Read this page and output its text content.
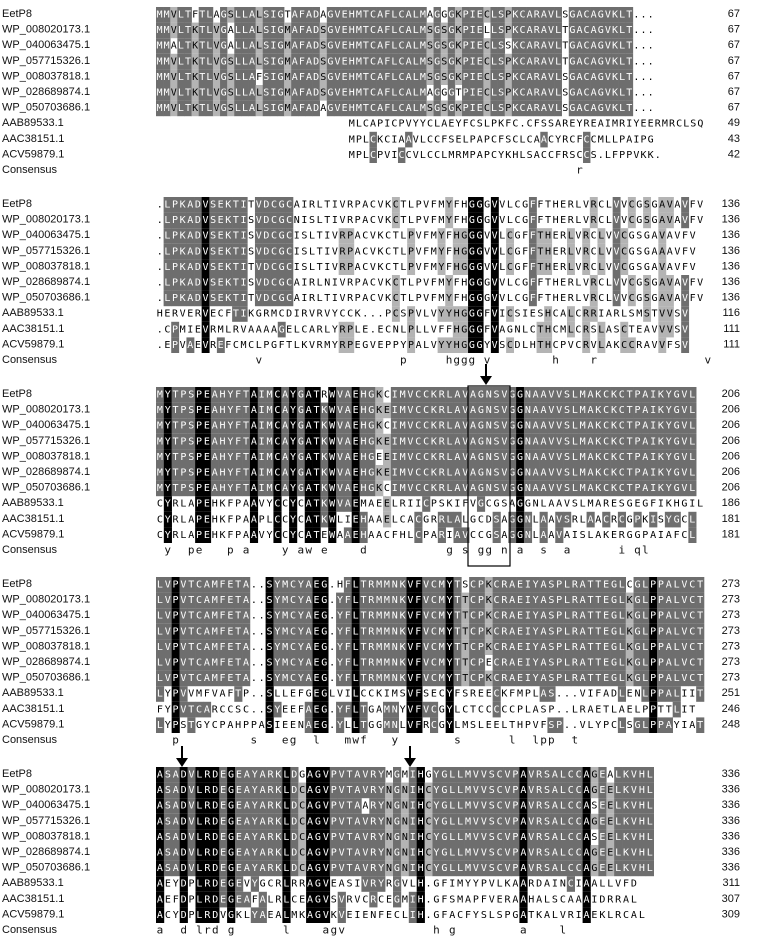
EetP8	M M V L T F T L A G S L L A L S I G T A F A D A G V E H M T C A F L C A L M A G G G K P I E C L S P K C A R A V L S G A C A G V K L T . . .	67
WP_008020173.1	M M V L T K T L V G A L L A L S I G M A F A D S G V E H M T C A F L C A L M S G S G K P I E L L S P K C A R A V L T G A C A G V K L T . . .	67
WP_040063475.1	M M A L T K T L V G A L L A L S I G M A F A D S G V E H M T C A F L C A L M S G S G K P I E C L S S K C A R A V L T G A C A G V K L T . . .	67
WP_057715326.1	M M V L T K T L V G S L L A L S I G M A F A D S G V E H M T C A F L C A L M S G S G K P I E C L S P K C A R A V L T G A C A G V K L T . . .	67
WP_008037818.1	M M V L T K T L V G S L L A F S I G M A F A D S G V E H M T C A F L C A L M S G S G K P I E C L S P K C A R A V L S G A C A G V K L T . . .	67
WP_028689874.1	M M V L T K T L V G S L L A L S I G M A F A D S G V E H M T C A F L C A L M A G G G T P I E C L S P K C A R A V L S G A C A G V K L T . . .	67
WP_050703686.1	M M V L T K T L V G S L L A L S I G M A F A D A G V E H M T C A F L C A L M S G S G K P I E C L S P K C A R A V L S G A C A G V K L T . . .	67
AAB89533.1	M L C A P I C P V Y Y C L A E Y F C S L P K F C . C F S S A R E Y R E A I M R I Y E E R M R C L S Q 49
AAC38151.1	M P L C K C I A A V L C C F S E L P A P C F S C L C A A C Y R C F C C M L L P A I P G	43
ACV59879.1	M P L C P V I C C V L C C L M R M P A P C Y K H L S A C C F R S C C S . L F P P V K K .	42
Consensus	r
EetP8	. L P K A D V S E K T I T V D C G C A I R L T I V R P A C V K C T L P V F M Y F H G G G V V L C G F F T H E R L V R C L V V C G S G A V A V F V 136
WP_008020173.1	. L P K A D V S E K T I S V D C G C N I S L T I V R P A C V K C T L P V F M Y F H G G G V V L C G F F T H E R L V R C L V V C G S G A V A V F V 136
WP_040063475.1	. L P K A D V S E K T I S V D C G C I S L T I V R P A C V K C T L P V F M Y F H G G G V V L C G F F T H E R L V R C L V V C G S G A V A V F V 136
WP_057715326.1	. L P K A D V S E K T I S V D C G C I S L T I V R P A C V K C T L P V F M Y F H G G G V V L C G F F T H E R L V R C L V V C G S G A A A V F V 136
WP_008037818.1	. L P K A D V S E K T I T V D C G C I S L T I V R P A C V K C T L P V F M Y F H G G G V V L C G F F T H E R L V R C L V V C G S G A V A V F V 136
WP_028689874.1	. L P K A D V S E K T I S V D C G C A I R L N I V R P A C V K C T L P V F M Y F H G G G V V L C G F F T H E R L V R C L V V C G S G A V A V F V 136
WP_050703686.1	. L P K A D V S E K T I T V D C G C A I R L T I V R P A C V K C T L P V F M Y F H G G G V V L C G F F T H E R L V R C L V V C G S G A V A V F V 136
AAB89533.1	H E R V E R V E C F T I K G R M C D I R V R V Y C C K . . . P C S P V L V Y Y H G G G F V I C S I E S H C A L C R R I A R L S M S T V V S V	116
AAC38151.1	. C P M I E V R M L R V A A A A G E L C A R L Y R P L E . E C N L P L L V F F H G G G F V A G N L C T H C M L C R S L A S C T E A V V V S V	111
ACV59879.1	. E P V A E V R E F C M C L P G F T L K V R M Y R P E G V E P P Y P A L V Y Y H G G G Y V S C D L H T H C P V C R V L A K C C R A V V F S V	111
Consensus	v	p	h g g g v	h	r	v
EetP8	M Y T P S P E A H Y F T A I M C A Y G A T R W V A E H G K C I M V C C K R L A V A G N S V G G N A A V V S L M A K C K C T P A I K Y G V L 206
WP_008020173.1	M Y T P S P E A H Y F T A I M C A Y G A T K W V A E H G K E I M V C C K R L A V A G N S V G G N A A V V S L M A K C K C T P A I K Y G V L 206
WP_040063475.1	M Y T P S P E A H Y F T A I M C A Y G A T K W V A E H G K C I M V C C K R L A V A G N S V G G N A A V V S L M A K C K C T P A I K Y G V L 206
WP_057715326.1	M Y T P S P E A H Y F T A I M C A Y G A T K W V A E H G K E I M V C C K R L A V A G N S V G G N A A V V S L M A K C K C T P A I K Y G V L 206
WP_008037818.1	M Y T P S P E A H Y F T A I M C A Y G A T K W V A E H G E E I M V C C K R L A V A G N S V G G N A A V V S L M A K C K C T P A I K Y G V L 206
WP_028689874.1	M Y T P S P E A H Y F T A I M C A Y G A T K W V A E H G K E I M V C C K R L A V A G N S V G G N A A V V S L M A K C K C T P A I K Y G V L 206
WP_050703686.1	M Y T P S P E A H Y F T A I M C A Y G A T K W V A E H G K C I M V C C K R L A V A G N S V G G N A A V V S L M A K C K C T P A I K Y G V L 206
AAB89533.1	C Y R L A P E H K F P A A V Y C C Y C A T K W V A E M A E E L R I I C P S K I F V G C G S A G G N L A A V S L M A R E S G E G F I K H G I L 186
AAC38151.1	C Y R L A P E H K F P A A P L C C Y C A T K W L I E H A A E L C A C G R R L A L G C D S A G G N L A A V S R L A A C R C G P K I S Y G C L 181
ACV59879.1	C Y R L A P E H K F P A A V Y C C Y C A T E W A A E H A A C F H L C P A R I A V C C G S A G G N L A A V A I S L A K E R G G P A I A F C L 181
Consensus	y p e p a	y a w e	d	g s g g n a s a	i q l
EetP8	L V P V T C A M F E T A . . S Y M C Y A E G . H F L T R M M N K V F V C M Y T S C P K C R A E I Y A S P L R A T T E G L C G L P P A L V C T 273
WP_008020173.1	L V P V T C A M F E T A . . S Y M C Y A E G . Y F L T R M M N K V F V C M Y T T C P K C R A E I Y A S P L R A T T E G L K G L P P A L V C T 273
WP_040063475.1	L V P V T C A M F E T A . . S Y M C Y A E G . Y F L T R M M N K V F V C M Y T T C P K C R A E I Y A S P L R A T T E G L K G L P P A L V C T 273
WP_057715326.1	L V P V T C A M F E T A . . S Y M C Y A E G . Y F L T R M M N K V F V C M Y T T C P K C R A E I Y A S P L R A T T E G L K G L P P A L V C T 273
WP_008037818.1	L V P V T C A M F E T A . . S Y M C Y A E G . Y F L T R M M N K V F V C M Y T T C P K C R A E I Y A S P L R A T T E G L K G L P P A L V C T 273
WP_028689874.1	L V P V T C A M F E T A . . S Y M C Y A E G . Y F L T R M M N K V F V C M Y T T C P E C R A E I Y A S P L R A T T E G L K G L P P A L V C T 273
WP_050703686.1	L V P V T C A M F E T A . . S Y M C Y A E G . Y F L T R M M N K V F V C M Y T T C P K C R A E I Y A S P L R A T T E G L K G L P P A L V C T 273
AAB89533.1	L Y P V V M F V A F T P . . S L L E F G E G L V I L C C K I M S V F S E C Y F S R E E C K F M P L A S . . . V I F A D L E N L P P A L I I T 251
AAC38151.1	F Y P V T C A R C C S C . . S Y E E F A E G . Y F L T G A M N Y V F V C G Y L C T C C C C C P L A S P . . L R A E T L A E L P P T T L I T 246
ACV59879.1	L Y P S T G Y C P A H P P A S I E E N A E G . Y L L T G G M N L V F R C G Y L M S L E E L T H P V F S P . . V L Y P C L S G L P P A Y I A T 248
Consensus	p	s e g l m w f y	s	l l p p t
EetP8	A S A D V L R D E G E A Y A R K L D G A G V P V T A V R Y M G M I H G Y G L L M V V S C V P A V R S A L C C A G E A L K V H L	336
WP_008020173.1	A S A D V L R D E G E A Y A R K L D C A G V P V T A V R Y N G N I H C Y G L L M V V S C V P A V R S A L C C A G E E L K V H L	336
WP_040063475.1	A S A D V L R D E G E A Y A R K L D C A G V P V T A A R Y N G N I H C Y G L L M V V S C V P A V R S A L C C A S E E L K V H L	336
WP_057715326.1	A S A D V L R D E G E A Y A R K L D C A G V P V T A V R Y N G N I H C Y G L L M V V S C V P A V R S A L C C A G E E L K V H L	336
WP_008037818.1	A S A D V L R D E G E A Y A R K L D C A G V P V T A V R Y N G N I H C Y G L L M V V S C V P A V R S A L C C A S E E L K V H L	336
WP_028689874.1	A S A D V L R D E G E A Y A R K L D C A G V P V T A V R Y N G N I H C Y G L L M V V S C V P A V R S A L C C A G E E L K V H L	336
WP_050703686.1	A S A D V L R D E G E A Y A R K L D C A G V P V T A V R Y N G N I H C Y G L L M V V S C V P A V R S A L C C A G E E L K V H L	336
AAB89533.1	A E Y D P L R D E G E V Y G C R L R R A G V E A S I V R Y R G V L H . G F I M Y Y P V L K A A R D A I N C I A A L L V F D	311
AAC38151.1	A E F D P L R D E G E A F A L R L C E A G V S V R V C R C E G M I H . G F S M A P F V E R A A H A L S C A A A I D R R A L	307
ACV59879.1	A C Y D P L R D V G K L Y A E A L M K A G V K V E I E N F E C L I H . G F A C F Y S L S P G A T K A L V R I A E K L R C A L	309
Consensus	a d l r d g	l	a g v	h g	a	l
